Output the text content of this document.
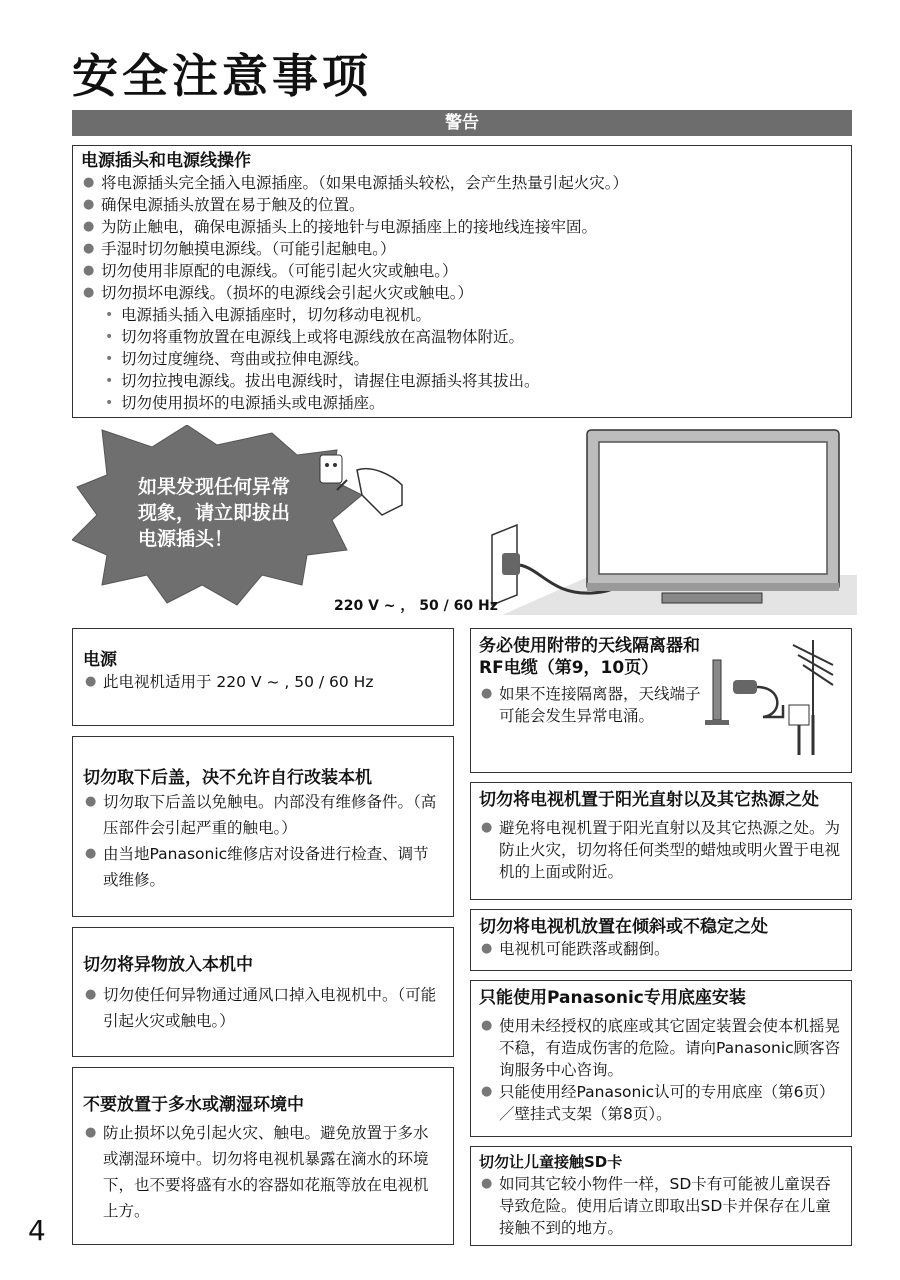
安全注意事项
警告
电源插头和电源线操作
● 将电源插头完全插入电源插座。（如果电源插头较松，会产生热量引起火灾。）
● 确保电源插头放置在易于触及的位置。
● 为防止触电，确保电源插头上的接地针与电源插座上的接地线连接牢固。
● 手湿时切勿触摸电源线。（可能引起触电。）
● 切勿使用非原配的电源线。（可能引起火灾或触电。）
● 切勿损坏电源线。（损坏的电源线会引起火灾或触电。）
• 电源插头插入电源插座时，切勿移动电视机。
• 切勿将重物放置在电源线上或将电源线放在高温物体附近。
• 切勿过度缠绕、弯曲或拉伸电源线。
• 切勿拉拽电源线。拔出电源线时，请握住电源插头将其拔出。
• 切勿使用损坏的电源插头或电源插座。
如果发现任何异常
现象，请立即拔出
电源插头！
220 V ~ ， 50 / 60 Hz
电源
● 此电视机适用于 220 V ~ , 50 / 60 Hz
切勿取下后盖，决不允许自行改装本机
● 切勿取下后盖以免触电。内部没有维修备件。（高压部件会引起严重的触电。）
● 由当地Panasonic维修店对设备进行检查、调节或维修。
切勿将异物放入本机中
● 切勿使任何异物通过通风口掉入电视机中。（可能引起火灾或触电。）
不要放置于多水或潮湿环境中
● 防止损坏以免引起火灾、触电。避免放置于多水或潮湿环境中。切勿将电视机暴露在滴水的环境下，也不要将盛有水的容器如花瓶等放在电视机上方。
务必使用附带的天线隔离器和RF电缆（第9，10页）
● 如果不连接隔离器，天线端子可能会发生异常电涌。
切勿将电视机置于阳光直射以及其它热源之处
● 避免将电视机置于阳光直射以及其它热源之处。为防止火灾，切勿将任何类型的蜡烛或明火置于电视机的上面或附近。
切勿将电视机放置在倾斜或不稳定之处
● 电视机可能跌落或翻倒。
只能使用Panasonic专用底座安装
● 使用未经授权的底座或其它固定装置会使本机摇晃不稳，有造成伤害的危险。请向Panasonic顾客咨询服务中心咨询。
● 只能使用经Panasonic认可的专用底座（第6页）／壁挂式支架（第8页）。
切勿让儿童接触SD卡
● 如同其它较小物件一样，SD卡有可能被儿童误吞导致危险。使用后请立即取出SD卡并保存在儿童接触不到的地方。
4
